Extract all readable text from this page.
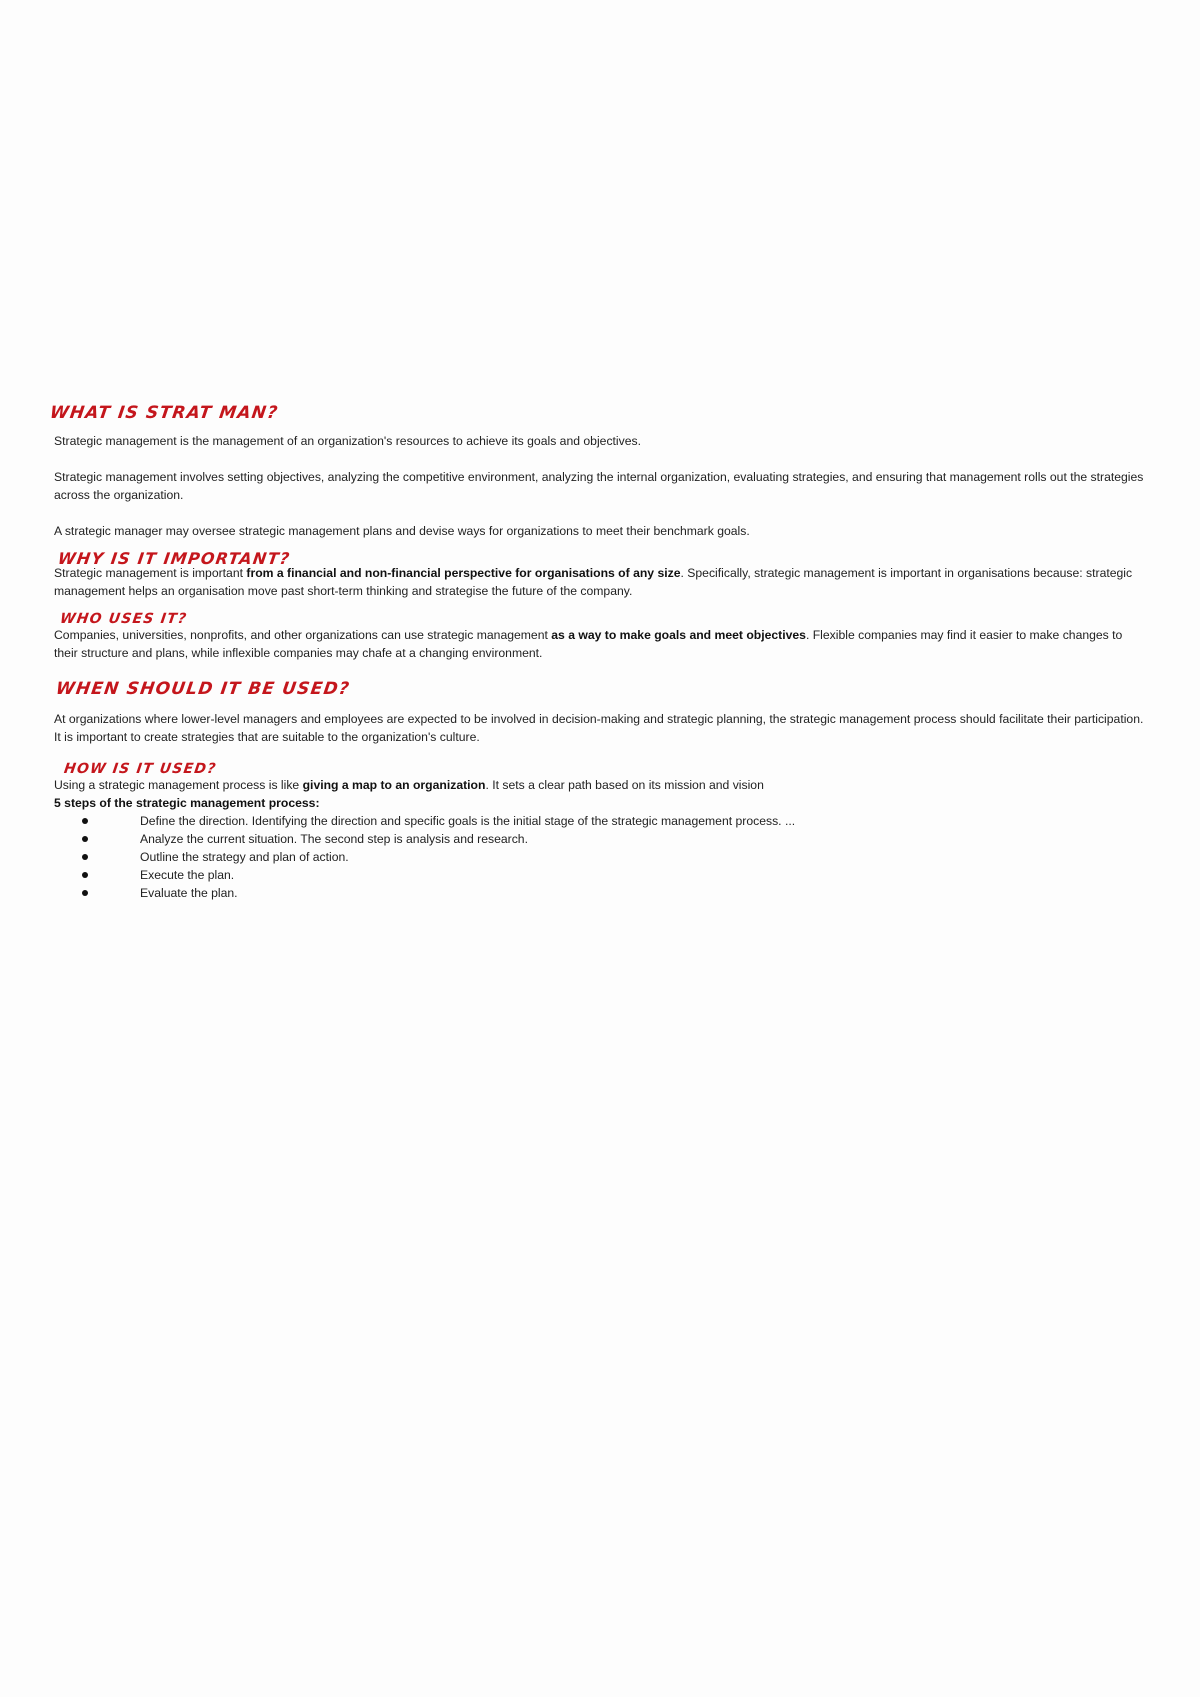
WHAT IS STRAT MAN?

Strategic management is the management of an organization's resources to achieve its goals and objectives.

Strategic management involves setting objectives, analyzing the competitive environment, analyzing the internal organization, evaluating strategies, and ensuring that management rolls out the strategies across the organization.

A strategic manager may oversee strategic management plans and devise ways for organizations to meet their benchmark goals.

WHY IS IT IMPORTANT?

Strategic management is important from a financial and non-financial perspective for organisations of any size. Specifically, strategic management is important in organisations because: strategic management helps an organisation move past short-term thinking and strategise the future of the company.

WHO USES IT?

Companies, universities, nonprofits, and other organizations can use strategic management as a way to make goals and meet objectives. Flexible companies may find it easier to make changes to their structure and plans, while inflexible companies may chafe at a changing environment.

WHEN SHOULD IT BE USED?

At organizations where lower-level managers and employees are expected to be involved in decision-making and strategic planning, the strategic management process should facilitate their participation. It is important to create strategies that are suitable to the organization's culture.

HOW IS IT USED?

Using a strategic management process is like giving a map to an organization. It sets a clear path based on its mission and vision

5 steps of the strategic management process:

Define the direction. Identifying the direction and specific goals is the initial stage of the strategic management process. ...
Analyze the current situation. The second step is analysis and research.
Outline the strategy and plan of action.
Execute the plan.
Evaluate the plan.
